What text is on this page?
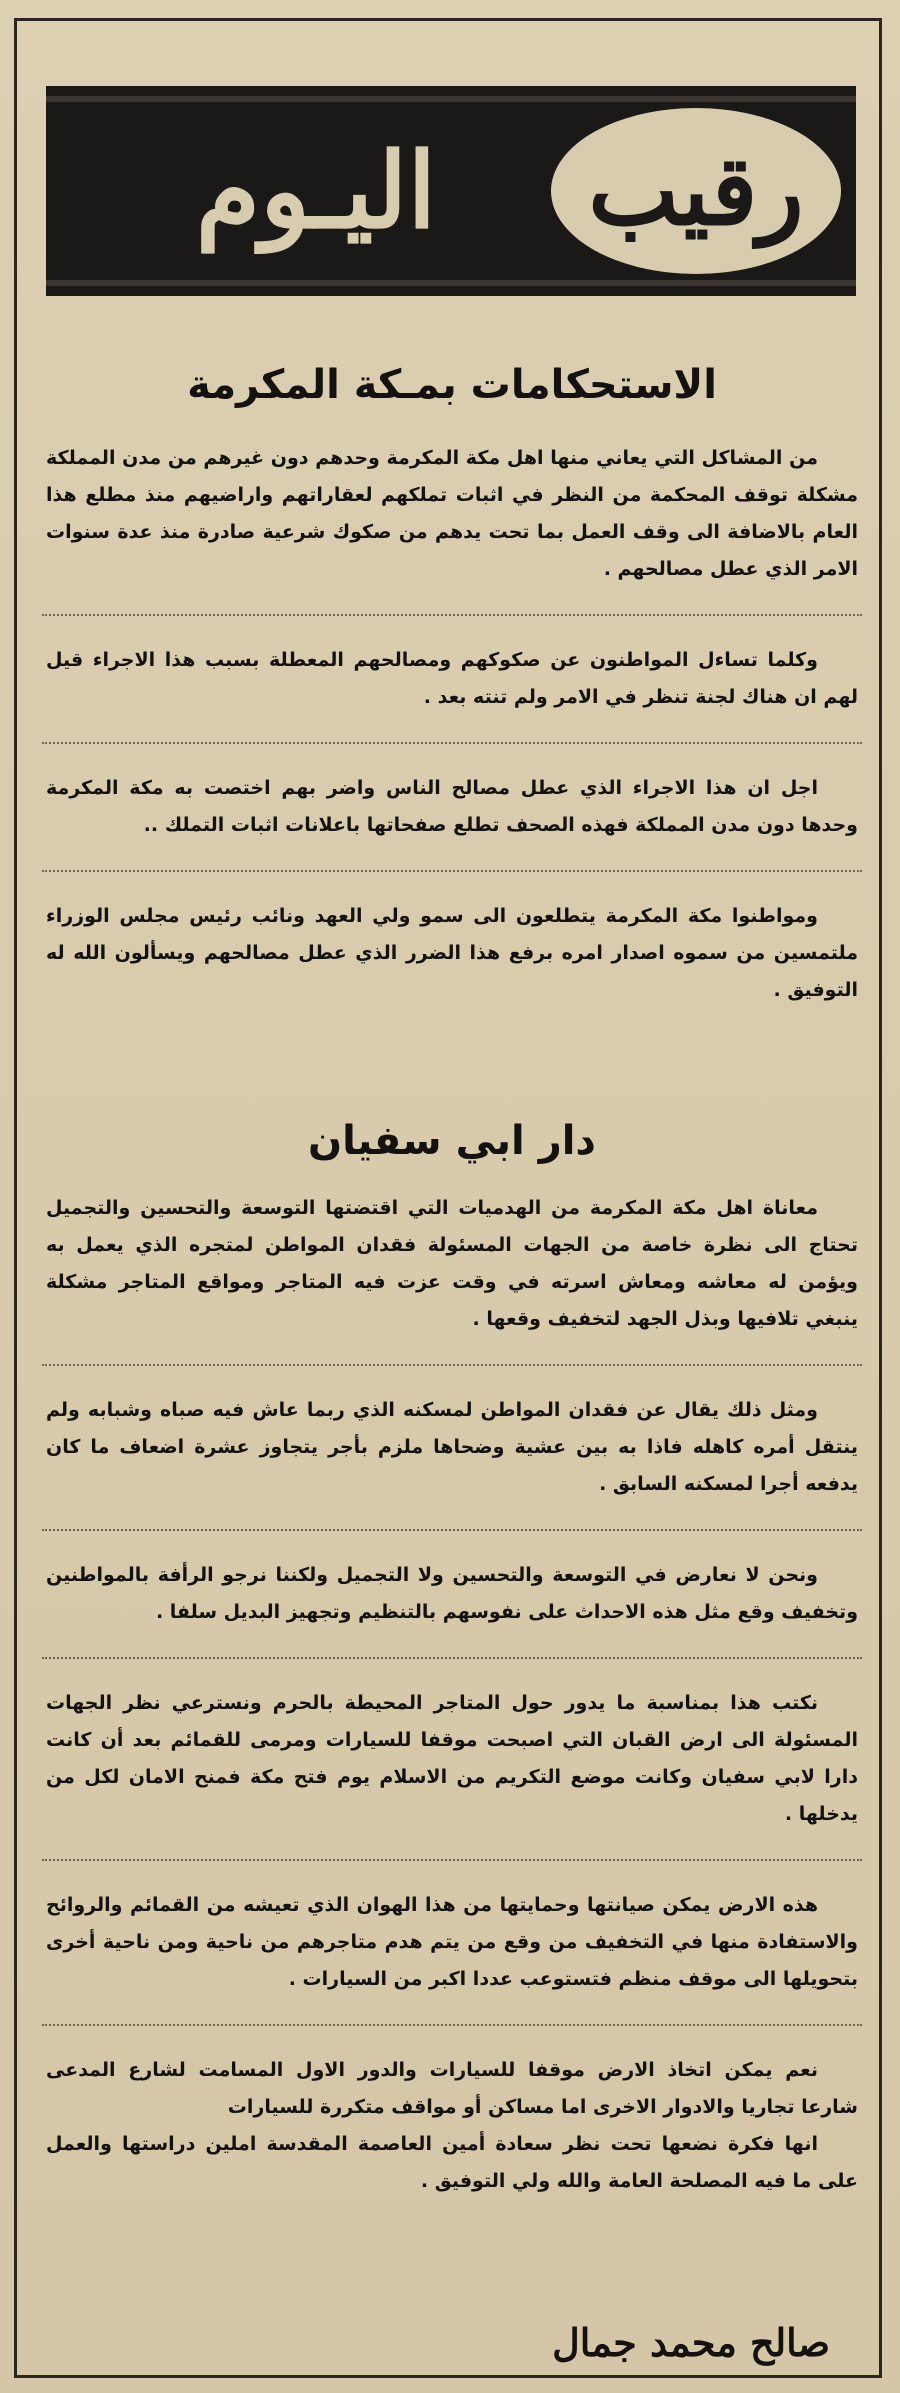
اليـوم	رقيب
الاستحكامات بمـكة المكرمة

من المشاكل التي يعاني منها اهل مكة المكرمة وحدهم دون غيرهم من مدن المملكة مشكلة توقف المحكمة من النظر في اثبات تملكهم لعقاراتهم واراضيهم منذ مطلع هذا العام بالاضافة الى وقف العمل بما تحت يدهم من صكوك شرعية صادرة منذ عدة سنوات الامر الذي عطل مصالحهم .

وكلما تساءل المواطنون عن صكوكهم ومصالحهم المعطلة بسبب هذا الاجراء قيل لهم ان هناك لجنة تنظر في الامر ولم تنته بعد .

اجل ان هذا الاجراء الذي عطل مصالح الناس واضر بهم اختصت به مكة المكرمة وحدها دون مدن المملكة فهذه الصحف تطلع صفحاتها باعلانات اثبات التملك ..

ومواطنوا مكة المكرمة يتطلعون الى سمو ولي العهد ونائب رئيس مجلس الوزراء ملتمسين من سموه اصدار امره برفع هذا الضرر الذي عطل مصالحهم ويسألون الله له التوفيق .

دار ابي سفيان

معاناة اهل مكة المكرمة من الهدميات التي اقتضتها التوسعة والتحسين والتجميل تحتاج الى نظرة خاصة من الجهات المسئولة فقدان المواطن لمتجره الذي يعمل به ويؤمن له معاشه ومعاش اسرته في وقت عزت فيه المتاجر ومواقع المتاجر مشكلة ينبغي تلافيها وبذل الجهد لتخفيف وقعها .

ومثل ذلك يقال عن فقدان المواطن لمسكنه الذي ربما عاش فيه صباه وشبابه ولم ينتقل أمره كاهله فاذا به بين عشية وضحاها ملزم بأجر يتجاوز عشرة اضعاف ما كان يدفعه أجرا لمسكنه السابق .

ونحن لا نعارض في التوسعة والتحسين ولا التجميل ولكننا نرجو الرأفة بالمواطنين وتخفيف وقع مثل هذه الاحداث على نفوسهم بالتنظيم وتجهيز البديل سلفا .

نكتب هذا بمناسبة ما يدور حول المتاجر المحيطة بالحرم ونسترعي نظر الجهات المسئولة الى ارض القبان التي اصبحت موقفا للسيارات ومرمى للقمائم بعد أن كانت دارا لابي سفيان وكانت موضع التكريم من الاسلام يوم فتح مكة فمنح الامان لكل من يدخلها .

هذه الارض يمكن صيانتها وحمايتها من هذا الهوان الذي تعيشه من القمائم والروائح والاستفادة منها في التخفيف من وقع من يتم هدم متاجرهم من ناحية ومن ناحية أخرى بتحويلها الى موقف منظم فتستوعب عددا اكبر من السيارات .

نعم يمكن اتخاذ الارض موقفا للسيارات والدور الاول المسامت لشارع المدعى شارعا تجاريا والادوار الاخرى اما مساكن أو مواقف متكررة للسيارات

انها فكرة نضعها تحت نظر سعادة أمين العاصمة المقدسة املين دراستها والعمل على ما فيه المصلحة العامة والله ولي التوفيق .

صالح محمد جمال
